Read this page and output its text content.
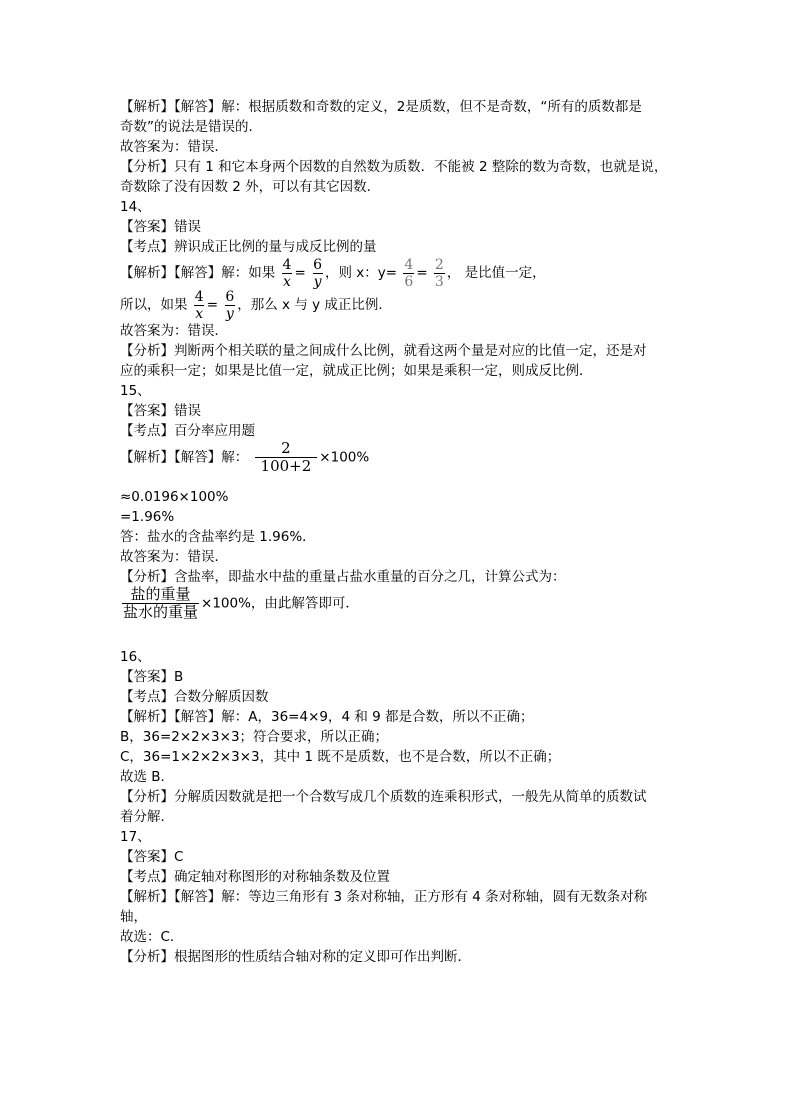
【解析】【解答】解：根据质数和奇数的定义，2是质数，但不是奇数，“所有的质数都是
奇数”的说法是错误的．
故答案为：错误．
【分析】只有 1 和它本身两个因数的自然数为质数．不能被 2 整除的数为奇数，也就是说，
奇数除了没有因数 2 外，可以有其它因数．
14、
【答案】错误
【考点】辨识成正比例的量与成反比例的量
【解析】【解答】解：如果 $\frac{4}{x} = \frac{6}{y}$ ，则 x：$y= \frac{4}{6} = \frac{2}{3}$ ， 是比值一定，
所以，如果 $\frac{4}{x} = \frac{6}{y}$ ，那么 x 与 y 成正比例．
故答案为：错误．
【分析】判断两个相关联的量之间成什么比例，就看这两个量是对应的比值一定，还是对
应的乘积一定；如果是比值一定，就成正比例；如果是乘积一定，则成反比例．
15、
【答案】错误
【考点】百分率应用题
【解析】【解答】解： $\frac{2}{100+2} \times 100\%$
≈0.0196×100%
=1.96%
答：盐水的含盐率约是 1.96%．
故答案为：错误．
【分析】含盐率，即盐水中盐的重量占盐水重量的百分之几，计算公式为：
$\frac{\text{盐的重量}}{\text{盐水的重量}} \times 100\%$，由此解答即可．
16、
【答案】B
【考点】合数分解质因数
【解析】【解答】解：A，36=4×9，4 和 9 都是合数，所以不正确；
B，36=2×2×3×3；符合要求，所以正确；
C，36=1×2×2×3×3，其中 1 既不是质数，也不是合数，所以不正确；
故选 B．
【分析】分解质因数就是把一个合数写成几个质数的连乘积形式，一般先从简单的质数试
着分解．
17、
【答案】C
【考点】确定轴对称图形的对称轴条数及位置
【解析】【解答】解：等边三角形有 3 条对称轴，正方形有 4 条对称轴，圆有无数条对称
轴，
故选：C．
【分析】根据图形的性质结合轴对称的定义即可作出判断．
